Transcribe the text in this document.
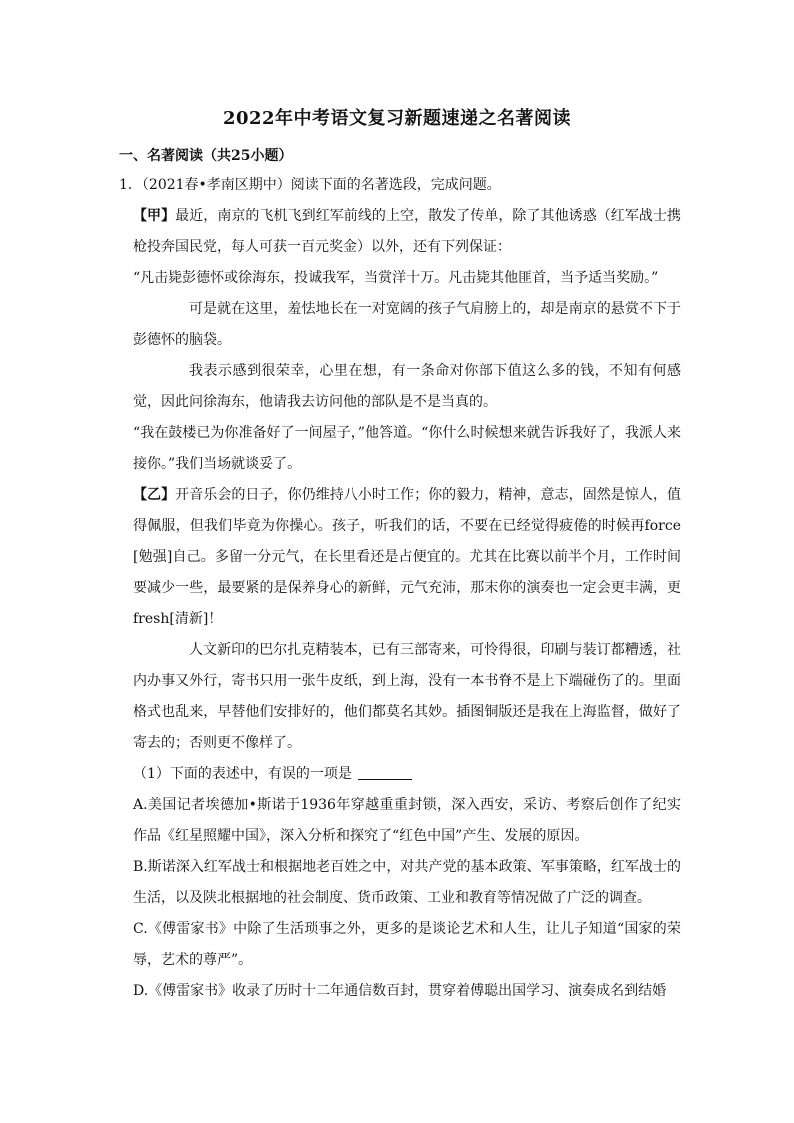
2022年中考语文复习新题速递之名著阅读
一、名著阅读（共25小题）

1．（2021春•孝南区期中）阅读下面的名著选段，完成问题。

【甲】最近，南京的飞机飞到红军前线的上空，散发了传单，除了其他诱惑（红军战士携枪投奔国民党，每人可获一百元奖金）以外，还有下列保证：

“凡击毙彭德怀或徐海东，投诚我军，当赏洋十万。凡击毙其他匪首，当予适当奖励。”

可是就在这里，羞怯地长在一对宽阔的孩子气肩膀上的，却是南京的悬赏不下于彭德怀的脑袋。

我表示感到很荣幸，心里在想，有一条命对你部下值这么多的钱，不知有何感觉，因此问徐海东，他请我去访问他的部队是不是当真的。

“我在鼓楼已为你准备好了一间屋子，”他答道。“你什么时候想来就告诉我好了，我派人来接你。”我们当场就谈妥了。

【乙】开音乐会的日子，你仍维持八小时工作；你的毅力，精神，意志，固然是惊人，值得佩服，但我们毕竟为你操心。孩子，听我们的话，不要在已经觉得疲倦的时候再force[勉强]自己。多留一分元气，在长里看还是占便宜的。尤其在比赛以前半个月，工作时间要减少一些，最要紧的是保养身心的新鲜，元气充沛，那末你的演奏也一定会更丰满，更fresh[清新]！

人文新印的巴尔扎克精装本，已有三部寄来，可怜得很，印刷与装订都糟透，社内办事又外行，寄书只用一张牛皮纸，到上海，没有一本书脊不是上下端碰伤了的。里面格式也乱来，早替他们安排好的，他们都莫名其妙。插图铜版还是我在上海监督，做好了寄去的；否则更不像样了。

（1）下面的表述中，有误的一项是

A.美国记者埃德加•斯诺于1936年穿越重重封锁，深入西安，采访、考察后创作了纪实作品《红星照耀中国》，深入分析和探究了“红色中国”产生、发展的原因。

B.斯诺深入红军战士和根据地老百姓之中，对共产党的基本政策、军事策略，红军战士的生活，以及陕北根据地的社会制度、货币政策、工业和教育等情况做了广泛的调查。

C.《傅雷家书》中除了生活琐事之外，更多的是谈论艺术和人生，让儿子知道“国家的荣辱，艺术的尊严”。

D.《傅雷家书》收录了历时十二年通信数百封，贯穿着傅聪出国学习、演奏成名到结婚
